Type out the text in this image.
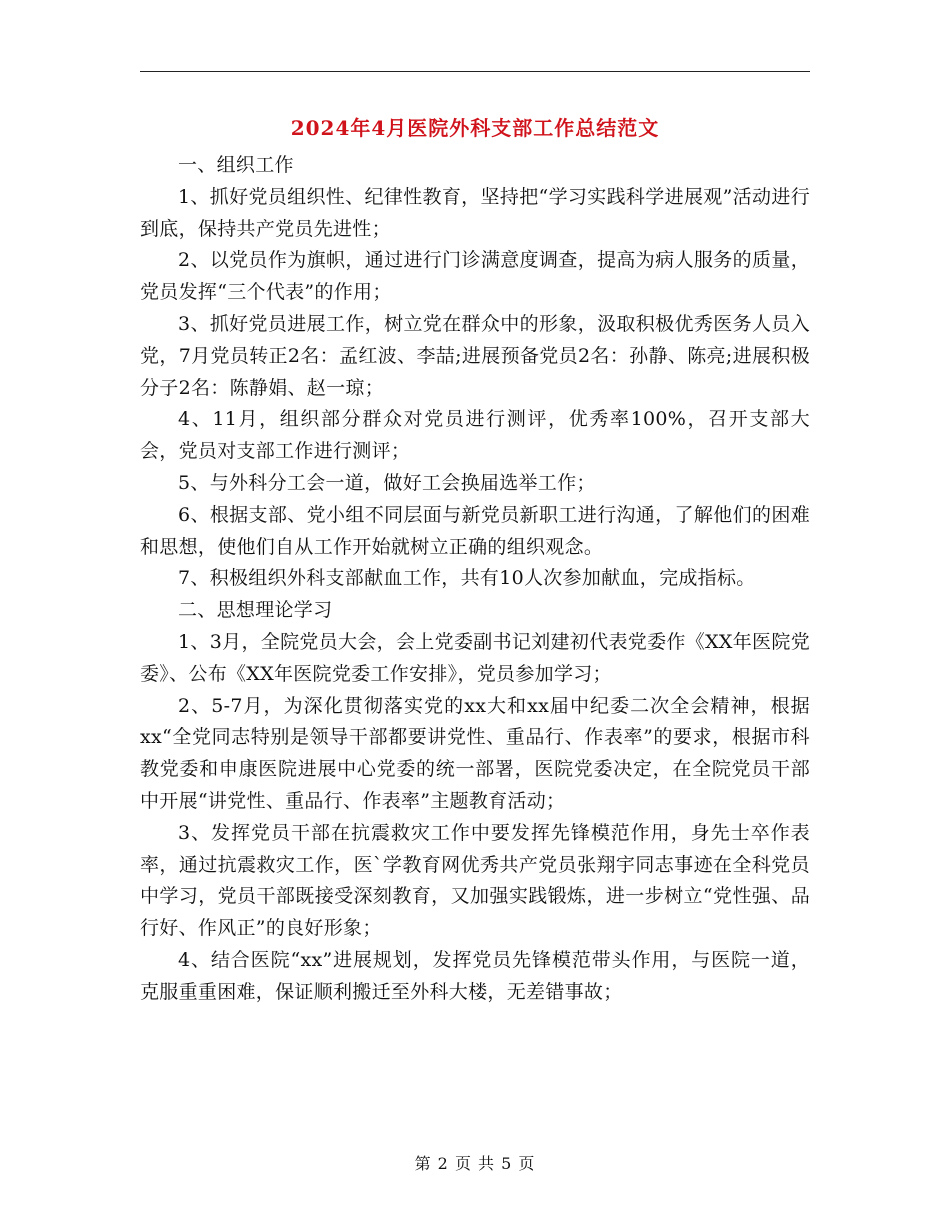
2024年4月医院外科支部工作总结范文

一、组织工作

1、抓好党员组织性、纪律性教育，坚持把“学习实践科学进展观”活动进行到底，保持共产党员先进性；

2、以党员作为旗帜，通过进行门诊满意度调查，提高为病人服务的质量，党员发挥“三个代表”的作用；

3、抓好党员进展工作，树立党在群众中的形象，汲取积极优秀医务人员入党，7月党员转正2名：孟红波、李喆;进展预备党员2名：孙静、陈亮;进展积极分子2名：陈静娟、赵一琼；

4、11月，组织部分群众对党员进行测评，优秀率100%，召开支部大会，党员对支部工作进行测评；

5、与外科分工会一道，做好工会换届选举工作；

6、根据支部、党小组不同层面与新党员新职工进行沟通，了解他们的困难和思想，使他们自从工作开始就树立正确的组织观念。

7、积极组织外科支部献血工作，共有10人次参加献血，完成指标。

二、思想理论学习

1、3月，全院党员大会，会上党委副书记刘建初代表党委作《XX年医院党委》、公布《XX年医院党委工作安排》，党员参加学习；

2、5-7月，为深化贯彻落实党的xx大和xx届中纪委二次全会精神，根据xx“全党同志特别是领导干部都要讲党性、重品行、作表率”的要求，根据市科教党委和申康医院进展中心党委的统一部署，医院党委决定，在全院党员干部中开展“讲党性、重品行、作表率”主题教育活动；

3、发挥党员干部在抗震救灾工作中要发挥先锋模范作用，身先士卒作表率，通过抗震救灾工作，医`学教育网优秀共产党员张翔宇同志事迹在全科党员中学习，党员干部既接受深刻教育，又加强实践锻炼，进一步树立“党性强、品行好、作风正”的良好形象；

4、结合医院“xx”进展规划，发挥党员先锋模范带头作用，与医院一道，克服重重困难，保证顺利搬迁至外科大楼，无差错事故；

第 2 页 共 5 页
